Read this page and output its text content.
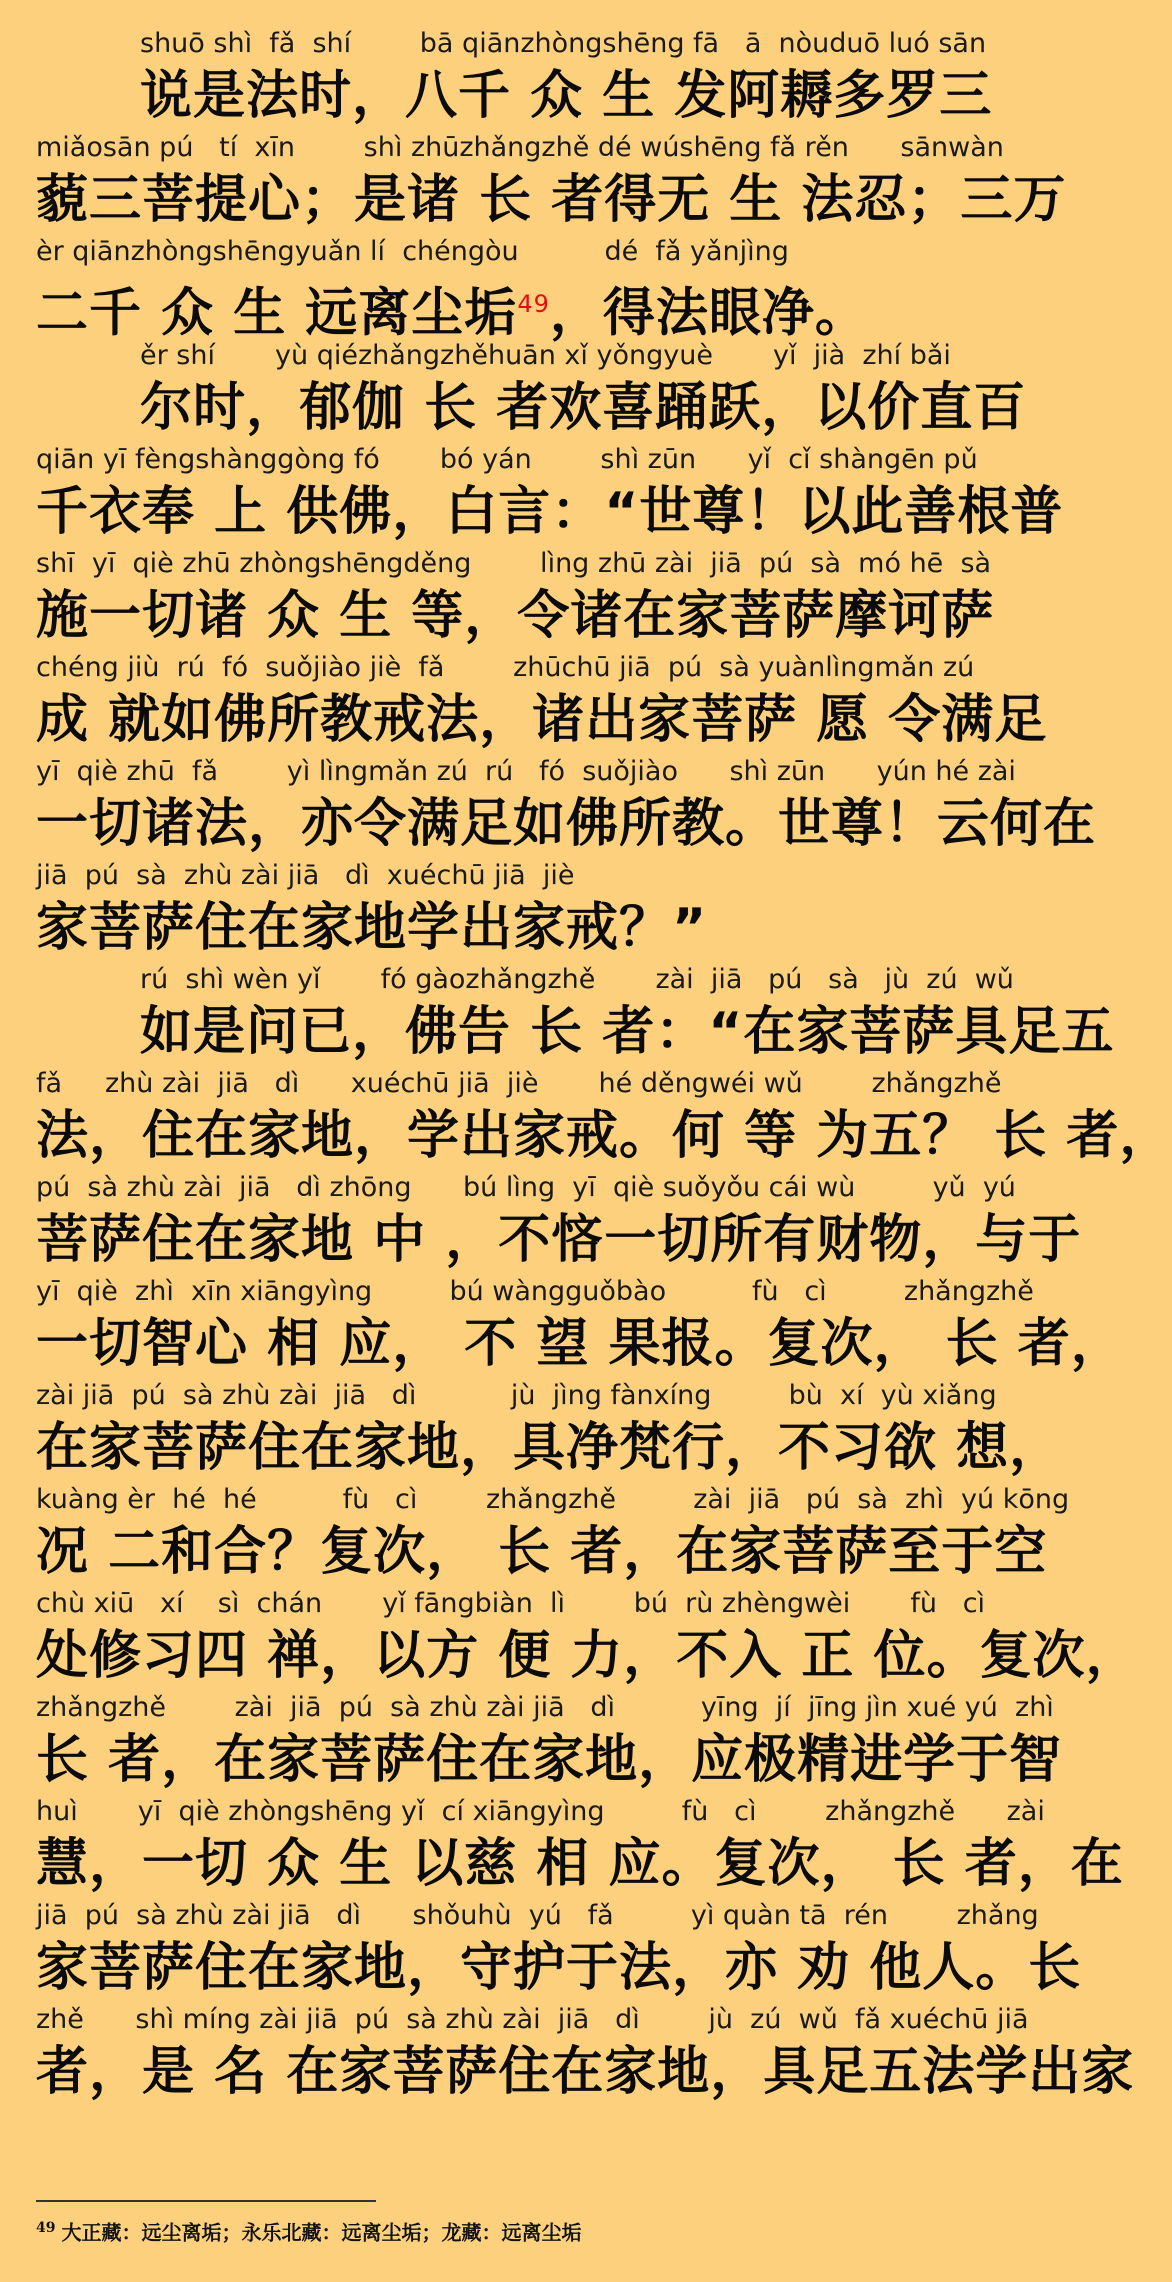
shuō shì  fǎ  shí        bā qiānzhòngshēng fā   ā  nòuduō luó sān
说是法时，八千 众 生 发阿耨多罗三
miǎosān pú   tí  xīn        shì zhūzhǎngzhě dé wúshēng fǎ rěn      sānwàn
藐三菩提心；是诸 长 者得无 生 法忍；三万
èr qiānzhòngshēngyuǎn lí  chéngòu          dé  fǎ yǎnjìng
二千 众 生 远离尘垢$^{49}$，得法眼净。
ěr shí       yù qiézhǎngzhěhuān xǐ yǒngyuè       yǐ  jià  zhí bǎi
尔时，郁伽 长 者欢喜踊跃，以价直百
qiān yī fèngshànggòng fó       bó yán        shì zūn      yǐ  cǐ shàngēn pǔ
千衣奉 上 供佛，白言：“世尊！以此善根普
shī  yī  qiè zhū zhòngshēngděng        lìng zhū zài  jiā  pú  sà  mó hē  sà
施一切诸 众 生 等，令诸在家菩萨摩诃萨
chéng jiù  rú  fó  suǒjiào jiè  fǎ        zhūchū jiā  pú  sà yuànlìngmǎn zú
成 就如佛所教戒法，诸出家菩萨 愿 令满足
yī  qiè zhū  fǎ        yì lìngmǎn zú  rú   fó  suǒjiào      shì zūn      yún hé zài
一切诸法，亦令满足如佛所教。世尊！云何在
jiā  pú  sà  zhù zài jiā   dì  xuéchū jiā  jiè
家菩萨住在家地学出家戒？”
rú  shì wèn yǐ       fó gàozhǎngzhě       zài  jiā   pú   sà   jù  zú  wǔ
如是问已，佛告 长 者：“在家菩萨具足五
fǎ     zhù zài  jiā   dì      xuéchū jiā  jiè       hé děngwéi wǔ        zhǎngzhě
法，住在家地，学出家戒。何 等 为五？ 长 者，
pú  sà zhù zài  jiā   dì zhōng      bú lìng  yī  qiè suǒyǒu cái wù         yǔ  yú
菩萨住在家地 中 ，不悋一切所有财物，与于
yī  qiè  zhì  xīn xiāngyìng         bú wàngguǒbào          fù   cì         zhǎngzhě
一切智心 相 应， 不 望 果报。复次， 长 者，
zài jiā  pú  sà zhù zài  jiā   dì           jù  jìng fànxíng         bù  xí  yù xiǎng
在家菩萨住在家地，具净梵行，不习欲 想，
kuàng èr  hé  hé          fù   cì        zhǎngzhě         zài  jiā   pú  sà  zhì  yú kōng
况 二和合？复次， 长 者，在家菩萨至于空
chù xiū   xí    sì  chán       yǐ fāngbiàn  lì        bú  rù zhèngwèi       fù   cì
处修习四 禅，以方 便 力，不入 正 位。复次，
zhǎngzhě        zài  jiā  pú  sà zhù zài jiā   dì          yīng  jí  jīng jìn xué yú  zhì
长 者，在家菩萨住在家地，应极精进学于智
huì       yī  qiè zhòngshēng yǐ  cí xiāngyìng         fù   cì        zhǎngzhě      zài
慧，一切 众 生 以慈 相 应。复次， 长 者，在
jiā  pú  sà zhù zài jiā   dì      shǒuhù  yú   fǎ         yì quàn tā  rén        zhǎng
家菩萨住在家地，守护于法，亦 劝 他人。长
zhě      shì míng zài jiā  pú  sà zhù zài  jiā   dì        jù  zú  wǔ  fǎ xuéchū jiā
者，是 名 在家菩萨住在家地，具足五法学出家
$^{49}$ 大正藏：远尘离垢；永乐北藏：远离尘垢；龙藏：远离尘垢
